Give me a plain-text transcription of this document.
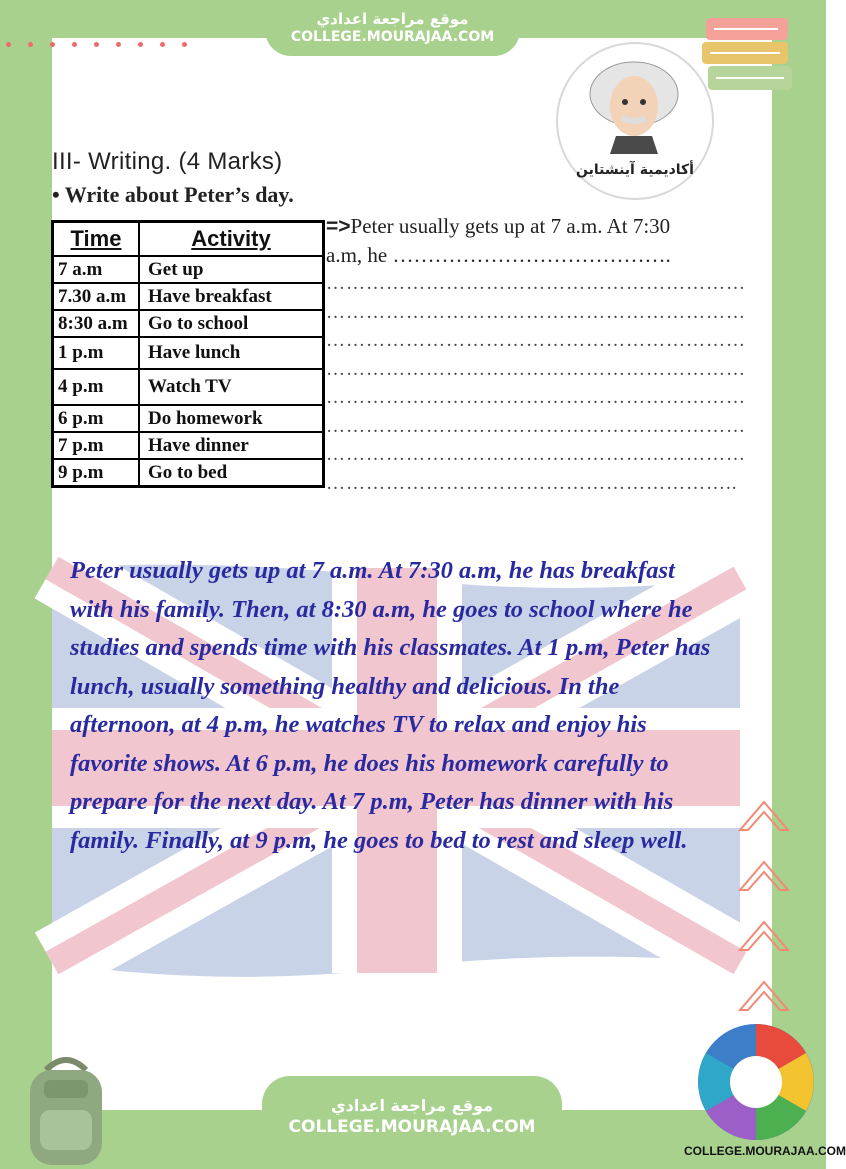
موقع مراجعة اعدادي
COLLEGE.MOURAJAA.COM
أكاديمية آينشتاين
III- Writing. (4 Marks)
• Write about Peter’s day.
Time	Activity
7 a.m	Get up
7.30 a.m	Have breakfast
8:30 a.m	Go to school
1 p.m	Have lunch
4 p.m	Watch TV
6 p.m	Do homework
7 p.m	Have dinner
9 p.m	Go to bed
=>Peter usually gets up at 7 a.m. At 7:30
a.m, he ………………………………….
………………………………………………………
………………………………………………………
………………………………………………………
………………………………………………………
………………………………………………………
………………………………………………………
………………………………………………………
……………………………………………………..
Peter usually gets up at 7 a.m. At 7:30 a.m, he has breakfast with his family. Then, at 8:30 a.m, he goes to school where he studies and spends time with his classmates. At 1 p.m, Peter has lunch, usually something healthy and delicious. In the afternoon, at 4 p.m, he watches TV to relax and enjoy his favorite shows. At 6 p.m, he does his homework carefully to prepare for the next day. At 7 p.m, Peter has dinner with his family. Finally, at 9 p.m, he goes to bed to rest and sleep well.
موقع مراجعة اعدادي
COLLEGE.MOURAJAA.COM
COLLEGE.MOURAJAA.COM
